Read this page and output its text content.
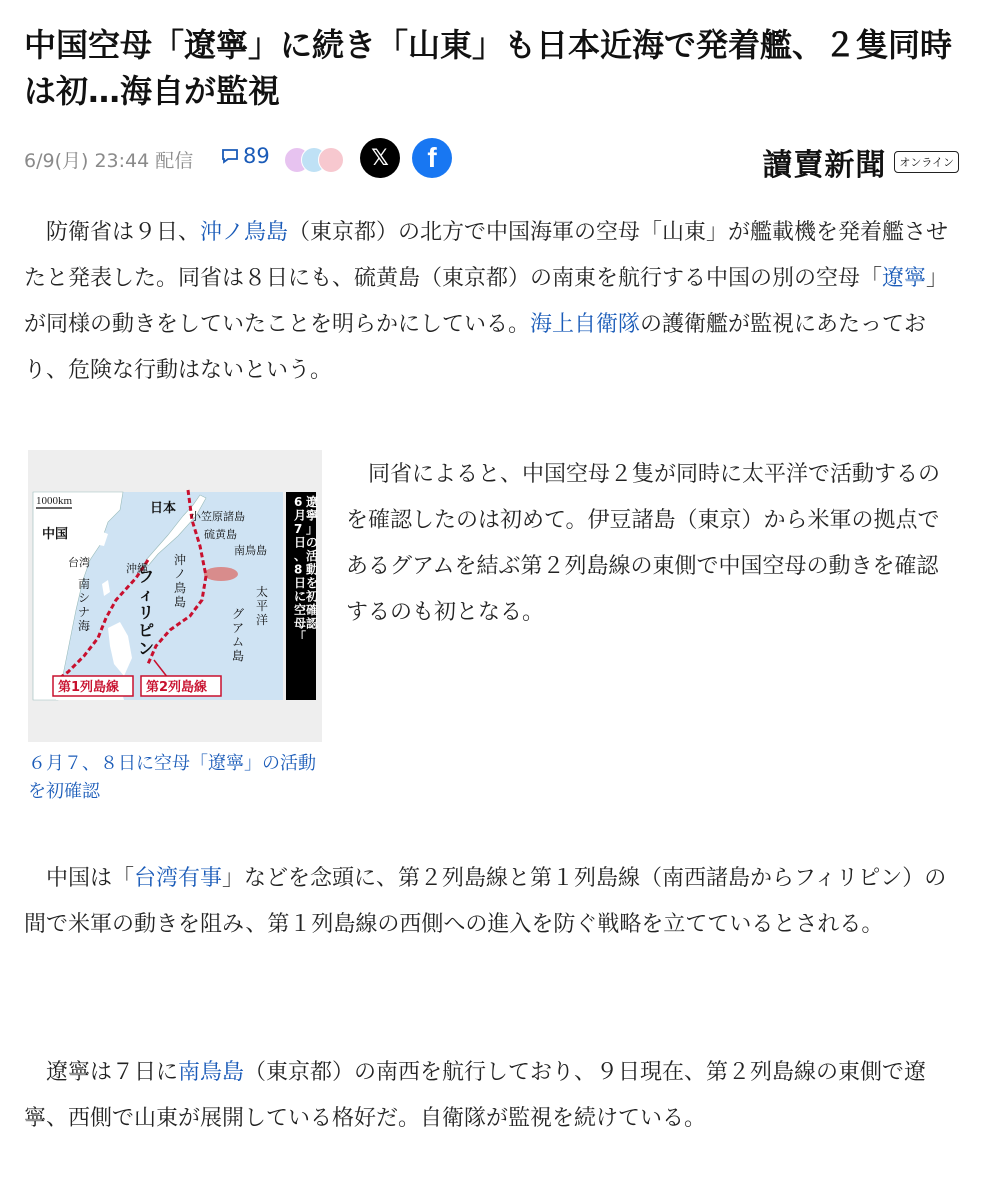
中国空母「遼寧」に続き「山東」も日本近海で発着艦、２隻同時は初…海自が監視
6/9(月) 23:44 配信 89	𝕏 f	讀賣新聞	オンライン

　防衛省は９日、沖ノ鳥島（東京都）の北方で中国海軍の空母「山東」が艦載機を発着艦させたと発表した。同省は８日にも、硫黄島（東京都）の南東を航行する中国の別の空母「遼寧」が同様の動きをしていたことを明らかにしている。海上自衛隊の護衛艦が監視にあたっており、危険な行動はないという。

1000km
中国
日本
台湾	沖縄
小笠原諸島
硫黄島
南鳥島
南
シ
ナ
海
沖
ノ
鳥
島
太
平
洋
グ
ア
ム
島
フ
ィ
リ
ピ
ン
第1列島線 第2列島線
6
月
7
日
、
8
日
に
空
母
「
遼
寧
」
の
活
動
を
初
確
認
６月７、８日に空母「遼寧」の活動を初確認

　同省によると、中国空母２隻が同時に太平洋で活動するのを確認したのは初めて。伊豆諸島（東京）から米軍の拠点であるグアムを結ぶ第２列島線の東側で中国空母の動きを確認するのも初となる。

　中国は「台湾有事」などを念頭に、第２列島線と第１列島線（南西諸島からフィリピン）の間で米軍の動きを阻み、第１列島線の西側への進入を防ぐ戦略を立てているとされる。

　遼寧は７日に南鳥島（東京都）の南西を航行しており、９日現在、第２列島線の東側で遼寧、西側で山東が展開している格好だ。自衛隊が監視を続けている。
